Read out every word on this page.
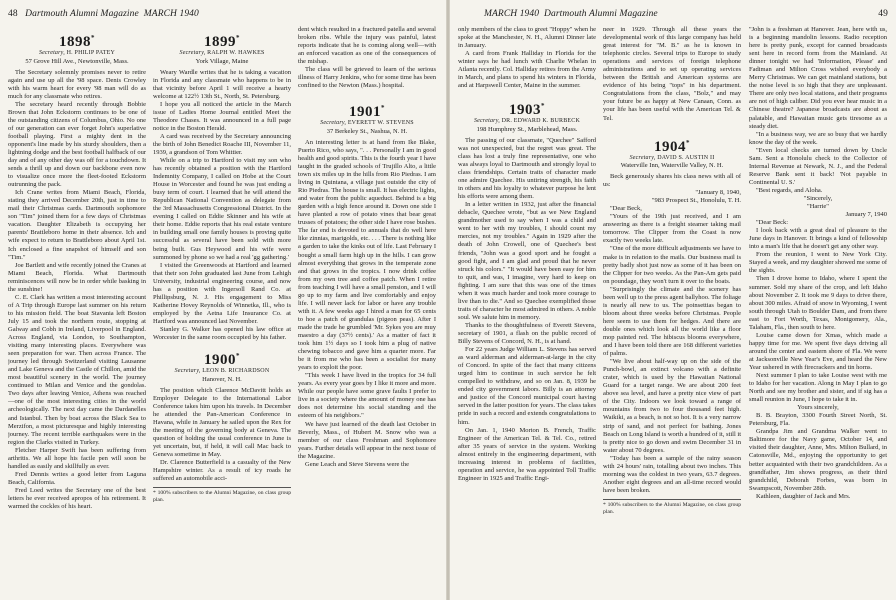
48 Dartmouth Alumni Magazine MARCH 1940	MARCH 1940 Dartmouth Alumni Magazine	49
1898*
Secretary, H. PHILIP PATEY
57 Grove Hill Ave., Newtonville, Mass.

The Secretary solemnly promises never to retire again and use up all the '98 space. Denis Crowley with his warm heart for every '98 man will do as much for any classmate who retires.

The secretary heard recently through Bobbie Brown that John Eckstorm continues to be one of the outstanding citizens of Columbus, Ohio. No one of our generation can ever forget John's superlative football playing. First a mighty dent in the opponent's line made by his sturdy shoulders, then a lightning dodge and the best football halfback of our day and of any other day was off for a touchdown. It sends a thrill up and down our backbone even now to visualize once more the fleet-footed Eckstorm outrunning the pack.

Ich Crane writes from Miami Beach, Florida, stating they arrived December 20th, just in time to mail their Christmas cards. Dartmouth sophomore son "Tim" joined them for a few days of Christmas vacation. Daughter Elizabeth is occupying her parents' Brattleboro home in their absence. Ich and wife expect to return to Brattleboro about April 1st. Ich enclosed a fine snapshot of himself and son "Tim."

Joe Bartlett and wife recently joined the Cranes at Miami Beach, Florida. What Dartmouth reminiscences will now be in order while basking in the sunshine!

C. E. Clark has written a most interesting account of A Trip through Europe last summer on his return to his mission field. The boat Stavania left Boston July 15 and took the northern route, stopping at Galway and Cobh in Ireland, Liverpool in England. Across England, via London, to Southampton, visiting many interesting places. Everywhere was seen preparation for war. Then across France. The journey led through Switzerland visiting Lausanne and Lake Geneva and the Castle of Chillon, amid the most beautiful scenery in the world. The journey continued to Milan and Venice and the gondolas. Two days after leaving Venice, Athens was reached—one of the most interesting cities in the world archeologically. The next day came the Dardanelles and Istanbul. Then by boat across the Black Sea to Merzifon, a most picturesque and highly interesting journey. The recent terrible earthquakes were in the region the Clarks visited in Turkey.

Fletcher Harper Swift has been suffering from arthritis. We all hope his facile pen will soon be handled as easily and skillfully as ever.

Fred Dennis writes a good letter from Laguna Beach, California.

Fred Loed writes the Secretary one of the best letters he ever received apropos of his retirement. It warmed the cockles of his heart.

1899*
Secretary, RALPH W. HAWKES
York Village, Maine

Weary Wardle writes that he is taking a vacation in Florida and any classmate who happens to be in that vicinity before April 1 will receive a hearty welcome at 122½ 13th St., North, St. Petersburg.

I hope you all noticed the article in the March issue of Ladies Home Journal entitled Meet the Theodore Chases. It was announced in a full page notice in the Boston Herald.

A card was received by the Secretary announcing the birth of John Benedict Roache III, November 11, 1939, a grandson of Tom Whittier.

While on a trip to Hartford to visit my son who has recently obtained a position with the Hartford Indemnity Company, I called on Hobe at the Court House in Worcester and found he was just ending a busy term of court. I learned that he will attend the Republican National Convention as delegate from the 3rd Massachusetts Congressional District. In the evening I called on Eddie Skinner and his wife at their home. Eddie reports that his real estate venture in building small one family houses is proving quite successful as several have been sold with more being built. Gus Heywood and his wife were summoned by phone so we had a real 'gg gathering.'

I visited the Greenwoods at Hartford and learned that their son John graduated last June from Lehigh University, industrial engineering course, and now has a position with Ingersoll Rand Co. at Phillipsburg, N. J. His engagement to Miss Katherine Hovey Reynolds of Winnetka, Ill., who is employed by the Aetna Life Insurance Co. at Hartford was announced last November.

Stanley G. Walker has opened his law office at Worcester in the same room occupied by his father.

1900*
Secretary, LEON B. RICHARDSON
Hanover, N. H.

The position which Clarence McDavitt holds as Employer Delegate to the International Labor Conference takes him upon his travels. In December he attended the Pan-American Conference in Havana, while in January he sailed upon the Rex for the meeting of the governing body at Geneva. The question of holding the usual conference in June is yet uncertain, but, if held, it will call Mac back to Geneva sometime in May.

Dr. Clarence Butterfield is a casualty of the New Hampshire winter. As a result of icy roads he suffered an automobile acci-

* 100% subscribers to the Alumni Magazine, on class group plan.

dent which resulted in a fractured patella and several broken ribs. While the injury was painful, latest reports indicate that he is coming along well—with an enforced vacation as one of the consequences of the mishap.

The class will be grieved to learn of the serious illness of Harry Jenkins, who for some time has been confined to the Newton (Mass.) hospital.

1901*
Secretary, EVERETT W. STEVENS
37 Berkeley St., Nashua, N. H.

An interesting letter is at hand from Ike Blake, Puerto Rico, who says, ". . . Personally I am in good health and good spirits. This is the fourth year I have taught in the graded schools of Trujillo Alto, a little town six miles up in the hills from Rio Piedras. I am living in Quintana, a village just outside the city of Rio Piedras. The house is small. It has electric lights, and water from the public aqueduct. Behind is a big garden with a high fence around it. Down one side I have planted a row of potato vines that bear great trusses of potatoes; the other side I have rose bushes. The far end is devoted to annuals that do well here like zinnias, marigolds, etc. . . . There is nothing like a garden to take the kinks out of life. Last February I bought a small farm high up in the hills. I can grow almost everything that grows in the temperate zone and that grows in the tropics. I now drink coffee from my own tree and coffee patch. When I retire from teaching I will have a small pension, and I will go up to my farm and live comfortably and enjoy life. I will never lack for labor or have any trouble with it. A few weeks ago I hired a man for 65 cents to hoe a patch of grandulas (pigeon peas). After I made the trade he grumbled 'Mr. Sykes you are muy maestro a day (37½ cents).' As a matter of fact it took him 1½ days so I took him a plug of native chewing tobacco and gave him a quarter more. Far be it from me who has been a socialist for many years to exploit the poor.

"This week I have lived in the tropics for 34 full years. As every year goes by I like it more and more. While our people have some grave faults I prefer to live in a society where the amount of money one has does not determine his social standing and the esteem of his neighbors."

We have just learned of the death last October in Beverly, Mass., of Hubert M. Snow who was a member of our class Freshman and Sophomore years. Further details will appear in the next issue of the Magazine.

Gene Leach and Steve Stevens were the

only members of the class to greet "Hoppy" when he spoke at the Manchester, N. H., Alumni Dinner late in January.

A card from Frank Halliday in Florida for the winter says he had lunch with Charlie Whelan in Atlanta recently. Col. Halliday retires from the Army in March, and plans to spend his winters in Florida, and at Harpswell Center, Maine in the summer.

1903*
Secretary, DR. EDWARD K. BURBECK
198 Humphrey St., Marblehead, Mass.

The passing of our classmate, "Quechee" Safford was not unexpected, but the regret was great. The class has lost a truly fine representative, one who was always loyal to Dartmouth and strongly loyal to class friendships. Certain traits of character made one admire Quechee. His untiring strength, his faith in others and his loyalty to whatever purpose he lent his efforts were among them.

In a letter written in 1932, just after the financial debacle, Quechee wrote, "but as we New England grandmother used to say when I was a child and went to her with my troubles, I should count my mercies, not my troubles." Again in 1929 after the death of John Crowell, one of Quechee's best friends, "John was a good sport and he fought a good fight, and I am glad and proud that he never struck his colors." "It would have been easy for him to quit, and was, I imagine, very hard to keep on fighting. I am sure that this was one of the times when it was much harder and took more courage to live than to die." And so Quechee exemplified those traits of character he most admired in others. A noble soul. We salute him in memory.

Thanks to the thoughtfulness of Everett Stevens, secretary of 1901, a flash on the public record of Billy Stevens of Concord, N. H., is at hand.

For 22 years Judge William L. Stevens has served as ward alderman and alderman-at-large in the city of Concord. In spite of the fact that many citizens urged him to continue in such service he felt compelled to withdraw, and so on Jan. 8, 1939 he ended city government labors. Billy is an attorney and justice of the Concord municipal court having served in the latter position for years. The class takes pride in such a record and extends congratulations to him.

On Jan. 1, 1940 Morton B. French, Traffic Engineer of the American Tel. & Tel. Co., retired after 35 years of service in the system. Working almost entirely in the engineering department, with increasing interest in problems of facilities, operation and service, he was appointed Toll Traffic Engineer in 1925 and Traffic Engi-

neer in 1929. Through all these years the developmental work of this large company has held great interest for "M. B." as he is known in telephonic circles. Several trips to Europe to study operations and services of foreign telephone administrations and to set up operating services between the British and American systems are evidence of his being "tops" in his department. Congratulations from the class, "Bolz," and may your future be as happy at New Canaan, Conn. as your life has been useful with the American Tel. & Tel.

1904*
Secretary, DAVID S. AUSTIN II
Waterville Inn, Waterville Valley, N. H.

Beck generously shares his class news with all of us:

"January 8, 1940,

"983 Prospect St., Honolulu, T. H.

"Dear Beck,

"Yours of the 19th just received, and I am answering as there is a freight steamer taking mail tomorrow. The Clipper from the Coast is now exactly two weeks late.

"One of the more difficult adjustments we have to make is in relation to the mails. Our business mail is pretty badly shot just now as some of it has been on the Clipper for two weeks. As the Pan-Am gets paid on poundage, they won't turn it over to the boats.

"Surprisingly the climate and the scenery has been well up to the press agent ballyhoo. The foliage is nearly all new to us. The poinsettias began to bloom about three weeks before Christmas. People here seem to use them for hedges. And there are double ones which look all the world like a floor mop painted red. The hibiscus blooms everywhere, and I have been told there are 168 different varieties of palms.

"We live about half-way up on the side of the Punch-bowl, an extinct volcano with a definite crater, which is used by the Hawaiian National Guard for a target range. We are about 200 feet above sea level, and have a pretty nice view of part of the City. Indoors we look toward a range of mountains from two to four thousand feet high. Waikiki, as a beach, is not so hot. It is a very narrow strip of sand, and not perfect for bathing. Jones Beach on Long Island is worth a hundred of it, still it is pretty nice to go down and swim December 31 in water about 70 degrees.

"Today has been a sample of the rainy season with 24 hours' rain, totalling about two inches. This morning was the coldest in two years, 63.7 degrees. Another eight degrees and an all-time record would have been broken.

* 100% subscribers to the Alumni Magazine, on class group plan.

"John is a freshman at Hanover. Jean, here with us, is a beginning mandolin lessons. Radio reception here is pretty punk, except for canned broadcasts sent here in record form from the Mainland. At dinner tonight we had 'Information, Please' and Fadiman and Milton Cross wished everybody a Merry Christmas. We can get mainland stations, but the noise level is so high that they are unpleasant. There are only two local stations, and their programs are not of high caliber. Did you ever hear music in a Chinese theatre? Japanese broadcasts are about as palatable, and Hawaiian music gets tiresome as a steady diet.

"In a business way, we are so busy that we hardly know the day of the week.

"Even local checks are turned down by Uncle Sam. Sent a Honolulu check to the Collector of Internal Revenue at Newark, N. J., and the Federal Reserve Bank sent it back! 'Not payable in Continental U. S.'

"Best regards, and Aloha.

"Sincerely,

"Harrie"

January 7, 1940

"Dear Beck:

I look back with a great deal of pleasure to the June days in Hanover. It brings a kind of fellowship into a man's life that he doesn't get any other way.

From the reunion, I went to New York City. Stayed a week, and my daughter showed me some of the sights.

Then I drove home to Idaho, where I spent the summer. Sold my share of the crop, and left Idaho about November 2. It took me 9 days to drive there, about 300 miles. Afraid of snow in Wyoming, I went south through Utah to Boulder Dam, and from there east to Fort Worth, Texas, Montgomery, Ala., Talaham, Fla., then south to here.

Louise came down for Xmas, which made a happy time for me. We spent five days driving all around the center and eastern shore of Fla. We were at Jacksonville New Year's Eve, and heard the New Year ushered in with firecrackers and tin horns.

Next summer I plan to take Louise west with me to Idaho for her vacation. Along in May I plan to go North and see my brother and sister, and if sig has a small reunion in June, I hope to take it in.

Yours sincerely,

B. B. Brayton, 3300 Fourth Street North, St. Petersburg, Fla.

Grandpa Jim and Grandma Walker went to Baltimore for the Navy game, October 14, and visited their daughter, Anne, Mrs. Milton Bullard, in Catonsville, Md., enjoying the opportunity to get better acquainted with their two grandchildren. As a grandfather, Jim shows progress, as their third grandchild, Deborah Forbes, was born in Swampscott, November 28th.

Kathleen, daughter of Jack and Mrs.
